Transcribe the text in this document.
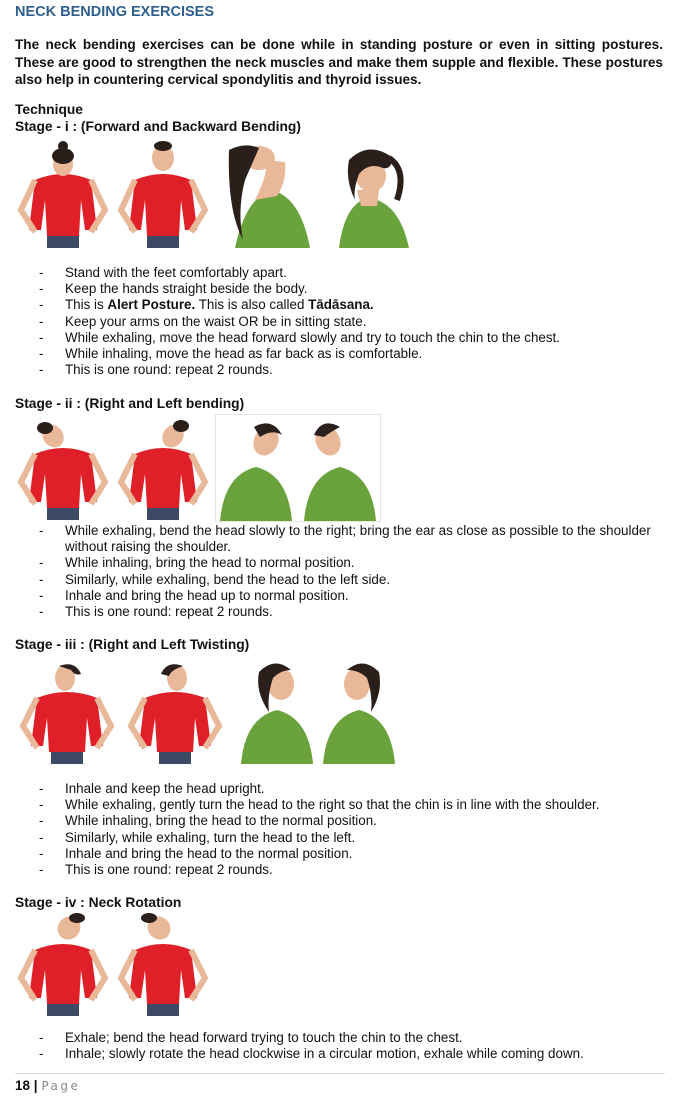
NECK BENDING EXERCISES

The neck bending exercises can be done while in standing posture or even in sitting postures. These are good to strengthen the neck muscles and make them supple and flexible. These postures also help in countering cervical spondylitis and thyroid issues.

Technique
Stage - i : (Forward and Backward Bending)
- Stand with the feet comfortably apart.
- Keep the hands straight beside the body.
- This is Alert Posture. This is also called Tādāsana.
- Keep your arms on the waist OR be in sitting state.
- While exhaling, move the head forward slowly and try to touch the chin to the chest.
- While inhaling, move the head as far back as is comfortable.
- This is one round: repeat 2 rounds.
Stage - ii : (Right and Left bending)
- While exhaling, bend the head slowly to the right; bring the ear as close as possible to the shoulder without raising the shoulder.
- While inhaling, bring the head to normal position.
- Similarly, while exhaling, bend the head to the left side.
- Inhale and bring the head up to normal position.
- This is one round: repeat 2 rounds.
Stage - iii : (Right and Left Twisting)
- Inhale and keep the head upright.
- While exhaling, gently turn the head to the right so that the chin is in line with the shoulder.
- While inhaling, bring the head to the normal position.
- Similarly, while exhaling, turn the head to the left.
- Inhale and bring the head to the normal position.
- This is one round: repeat 2 rounds.
Stage - iv : Neck Rotation
- Exhale; bend the head forward trying to touch the chin to the chest.
- Inhale; slowly rotate the head clockwise in a circular motion, exhale while coming down.
18 | Page
